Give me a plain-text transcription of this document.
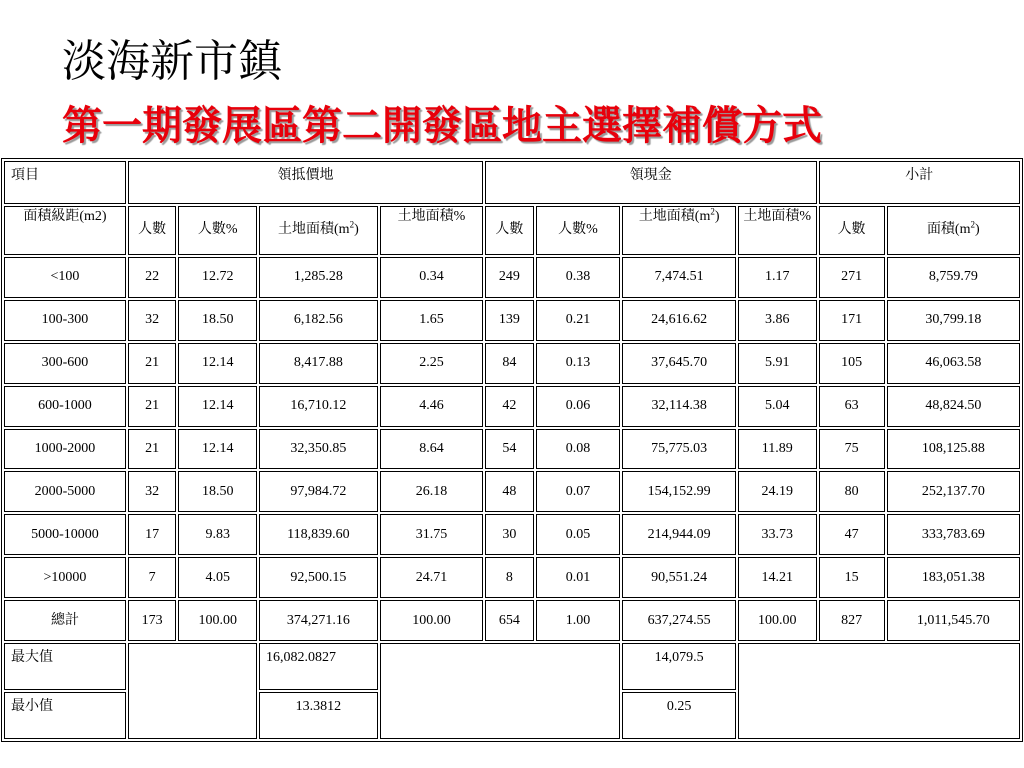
淡海新市鎮
第一期發展區第二開發區地主選擇補償方式
項目	領抵價地				領現金				小計	
面積級距(m2)	人數	人數%	土地面積$(m^2)$	土地面積%	人數	人數%	土地面積$(m^2)$	土地面積%	人數	面積$(m^2)$
<100	22	12.72	1,285.28	0.34	249	0.38	7,474.51	1.17	271	8,759.79
100-300	32	18.50	6,182.56	1.65	139	0.21	24,616.62	3.86	171	30,799.18
300-600	21	12.14	8,417.88	2.25	84	0.13	37,645.70	5.91	105	46,063.58
600-1000	21	12.14	16,710.12	4.46	42	0.06	32,114.38	5.04	63	48,824.50
1000-2000	21	12.14	32,350.85	8.64	54	0.08	75,775.03	11.89	75	108,125.88
2000-5000	32	18.50	97,984.72	26.18	48	0.07	154,152.99	24.19	80	252,137.70
5000-10000	17	9.83	118,839.60	31.75	30	0.05	214,944.09	33.73	47	333,783.69
>10000	7	4.05	92,500.15	24.71	8	0.01	90,551.24	14.21	15	183,051.38
總計	173	100.00	374,271.16	100.00	654	1.00	637,274.55	100.00	827	1,011,545.70
最大值			16,082.0827				14,079.5			
最小值			13.3812				0.25			
